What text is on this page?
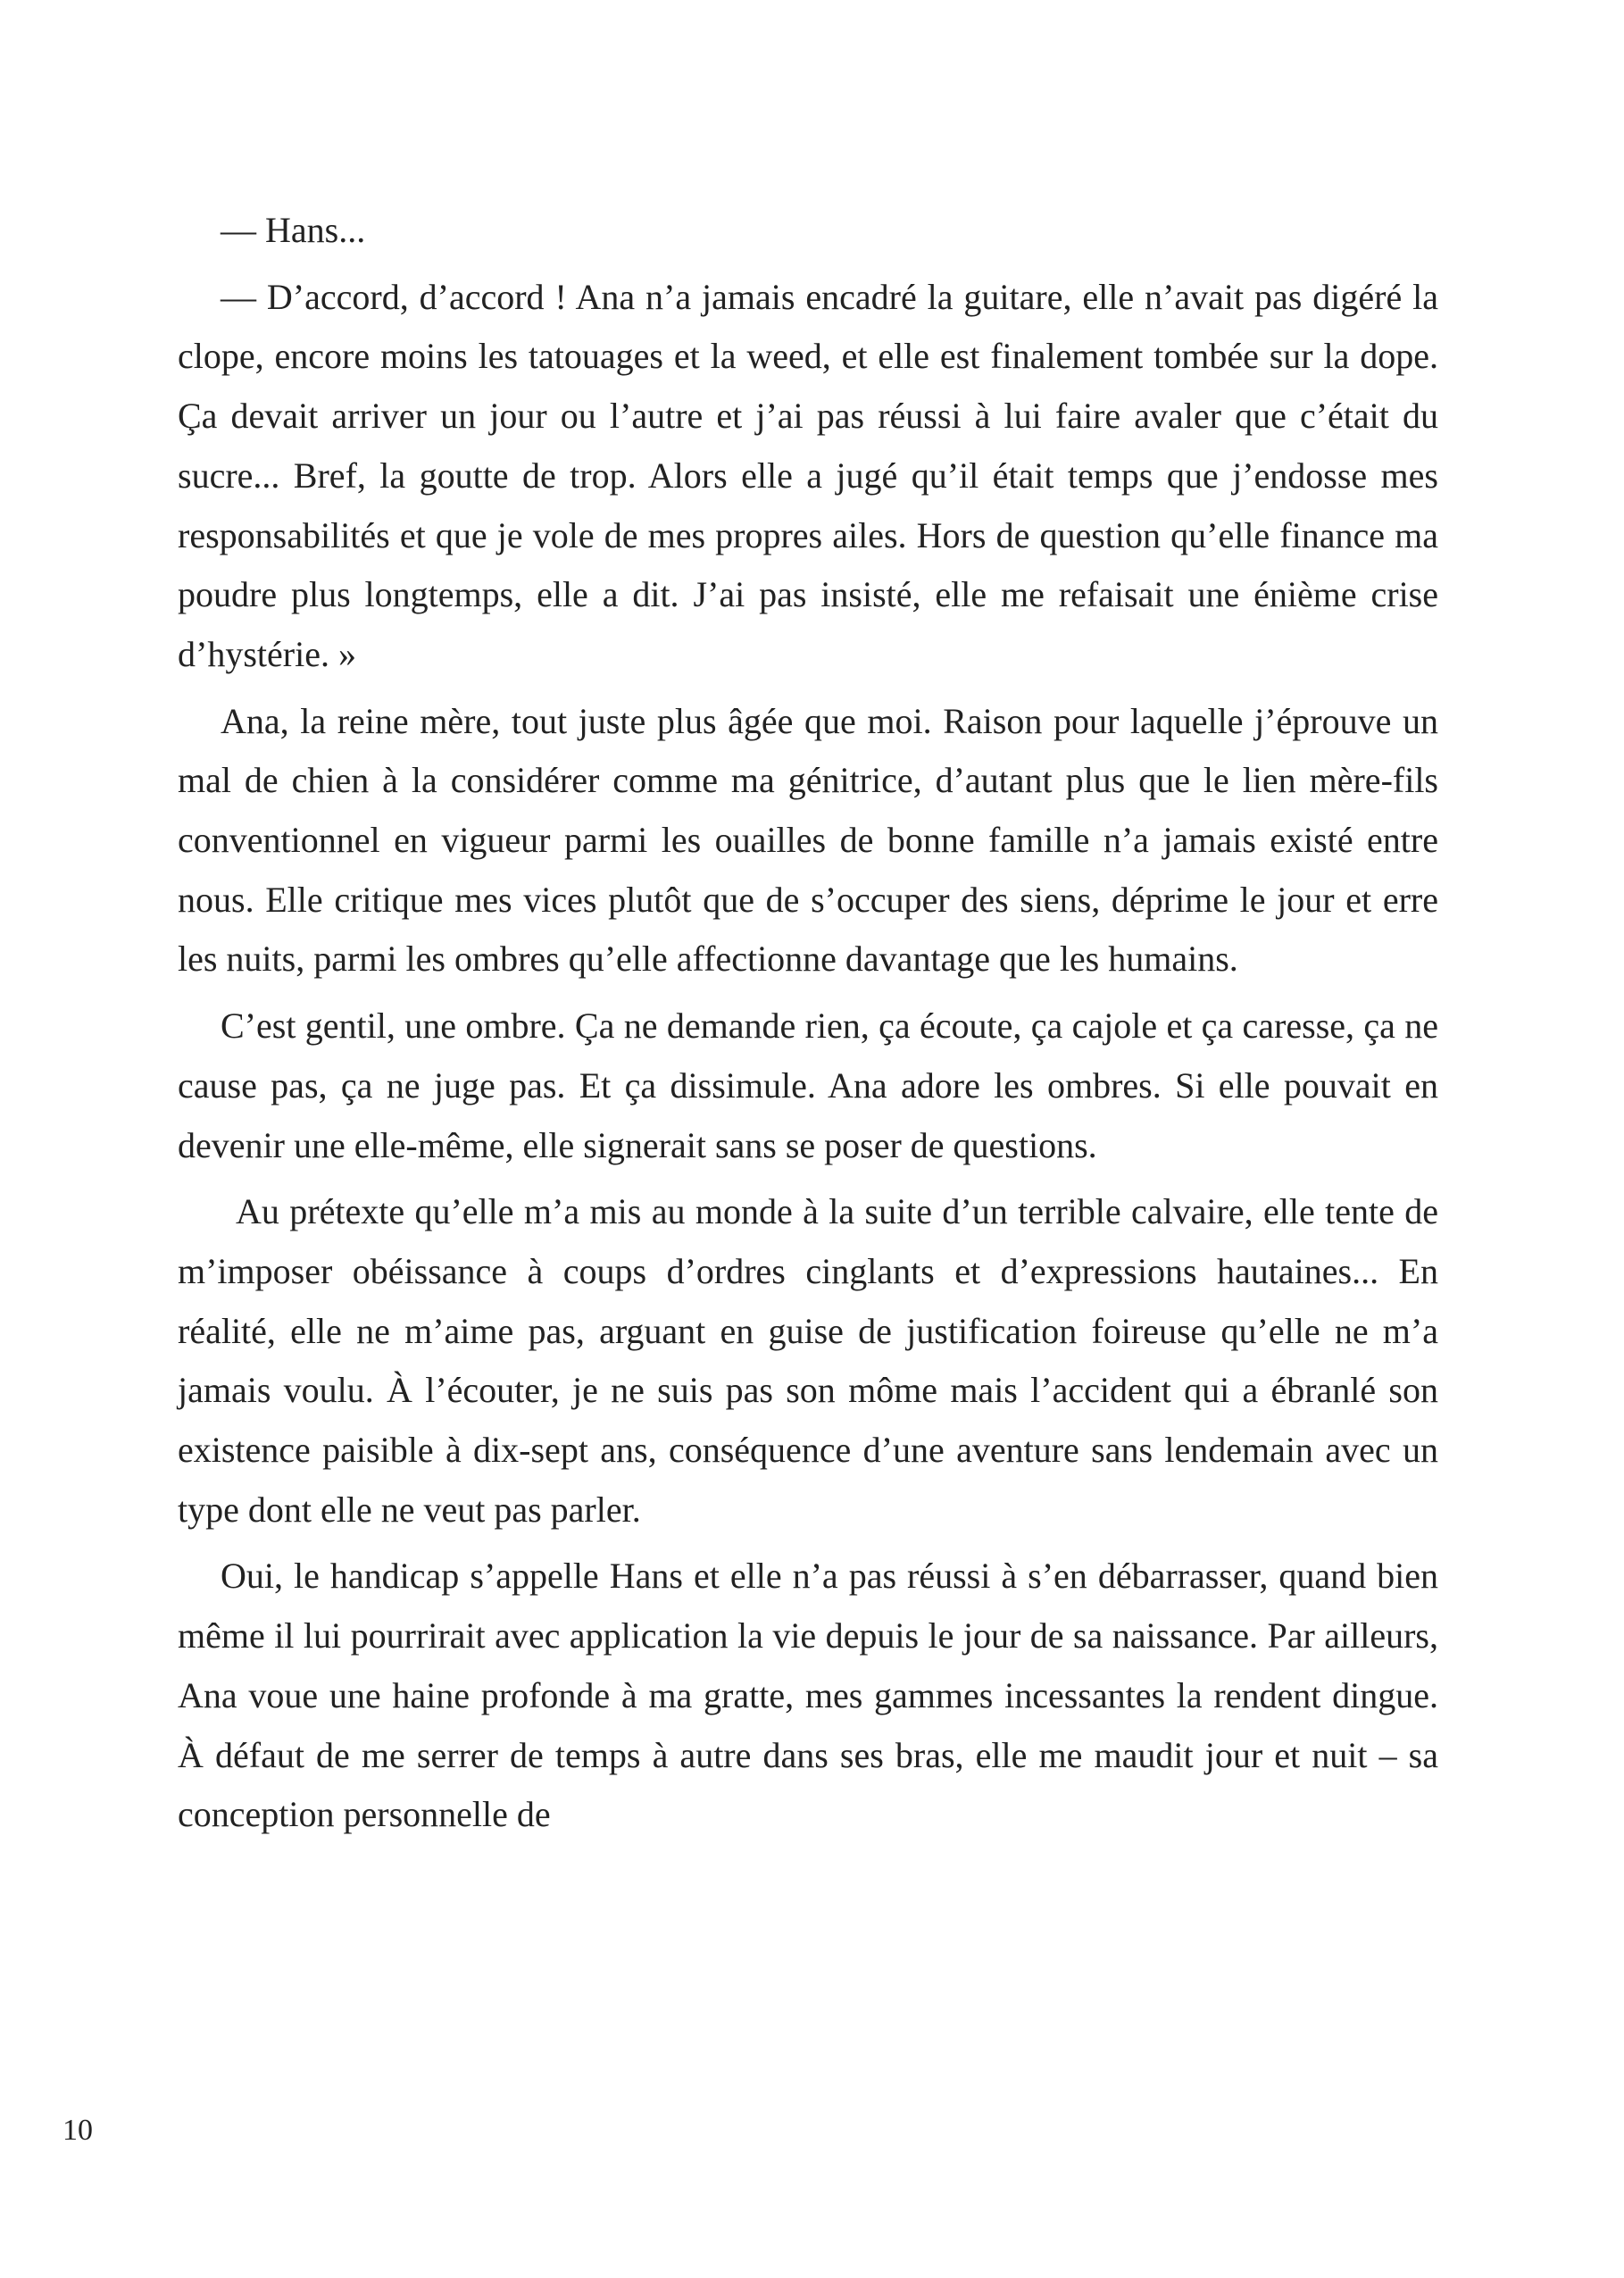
— Hans...

— D’accord, d’accord ! Ana n’a jamais encadré la guitare, elle n’avait pas digéré la clope, encore moins les tatouages et la weed, et elle est finalement tombée sur la dope. Ça devait arriver un jour ou l’autre et j’ai pas réussi à lui faire avaler que c’était du sucre... Bref, la goutte de trop. Alors elle a jugé qu’il était temps que j’endosse mes responsabilités et que je vole de mes propres ailes. Hors de question qu’elle finance ma poudre plus longtemps, elle a dit. J’ai pas insisté, elle me refaisait une énième crise d’hystérie. »

Ana, la reine mère, tout juste plus âgée que moi. Raison pour laquelle j’éprouve un mal de chien à la considérer comme ma génitrice, d’autant plus que le lien mère-fils conventionnel en vigueur parmi les ouailles de bonne famille n’a jamais existé entre nous. Elle critique mes vices plutôt que de s’occuper des siens, déprime le jour et erre les nuits, parmi les ombres qu’elle affectionne davantage que les humains.

C’est gentil, une ombre. Ça ne demande rien, ça écoute, ça cajole et ça caresse, ça ne cause pas, ça ne juge pas. Et ça dissimule. Ana adore les ombres. Si elle pouvait en devenir une elle-même, elle signerait sans se poser de questions.

Au prétexte qu’elle m’a mis au monde à la suite d’un terrible calvaire, elle tente de m’imposer obéissance à coups d’ordres cinglants et d’expressions hautaines... En réalité, elle ne m’aime pas, arguant en guise de justification foireuse qu’elle ne m’a jamais voulu. À l’écouter, je ne suis pas son môme mais l’accident qui a ébranlé son existence paisible à dix-sept ans, conséquence d’une aventure sans lendemain avec un type dont elle ne veut pas parler.

Oui, le handicap s’appelle Hans et elle n’a pas réussi à s’en débarrasser, quand bien même il lui pourrirait avec application la vie depuis le jour de sa naissance. Par ailleurs, Ana voue une haine profonde à ma gratte, mes gammes incessantes la rendent dingue. À défaut de me serrer de temps à autre dans ses bras, elle me maudit jour et nuit – sa conception personnelle de

10
